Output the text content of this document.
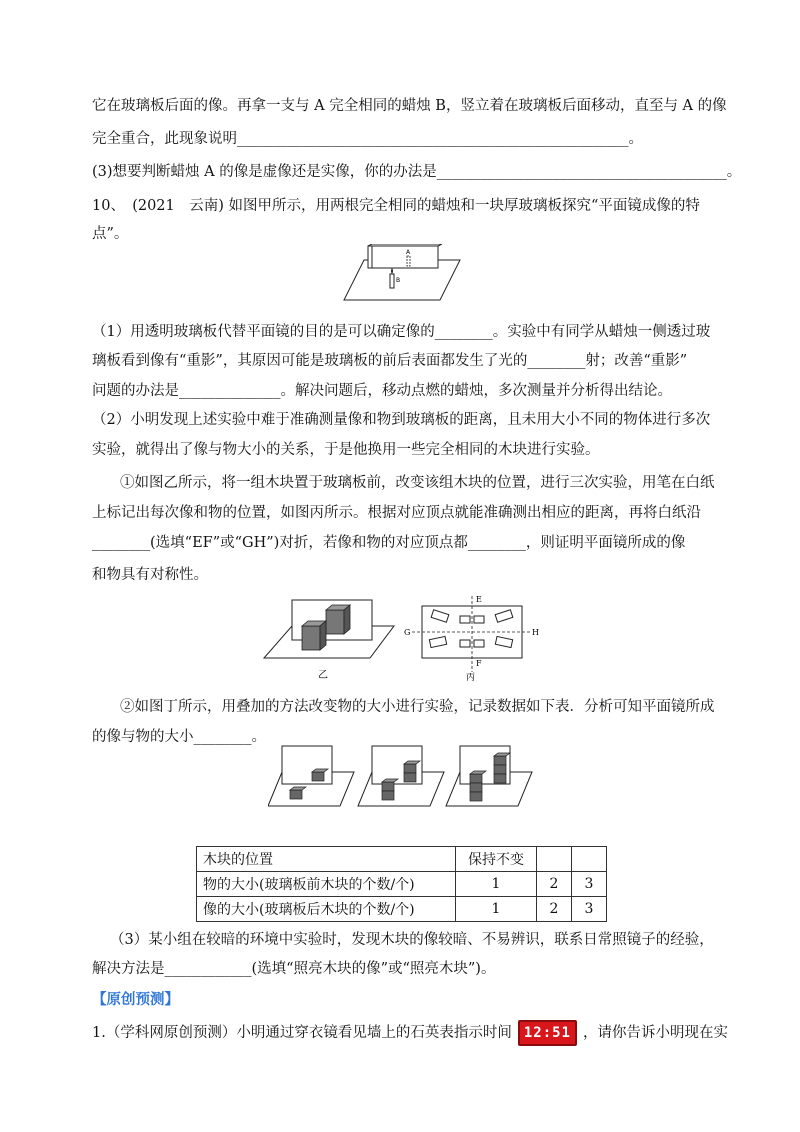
它在玻璃板后面的像。再拿一支与 A 完全相同的蜡烛 B，竖立着在玻璃板后面移动，直至与 A 的像
完全重合，此现象说明______________________________________________________。
(3)想要判断蜡烛 A 的像是虚像还是实像，你的办法是________________________________________。
10、　(2021　云南) 如图甲所示，用两根完全相同的蜡烛和一块厚玻璃板探究“平面镜成像的特
点”。
A
B
（1）用透明玻璃板代替平面镜的目的是可以确定像的________。实验中有同学从蜡烛一侧透过玻
璃板看到像有“重影”，其原因可能是玻璃板的前后表面都发生了光的________射；改善“重影”
问题的办法是______________。解决问题后，移动点燃的蜡烛，多次测量并分析得出结论。
（2）小明发现上述实验中难于准确测量像和物到玻璃板的距离，且未用大小不同的物体进行多次
实验，就得出了像与物大小的关系，于是他换用一些完全相同的木块进行实验。
①如图乙所示，将一组木块置于玻璃板前，改变该组木块的位置，进行三次实验，用笔在白纸
上标记出每次像和物的位置，如图丙所示。根据对应顶点就能准确测出相应的距离，再将白纸沿
________(选填“EF”或“GH”)对折，若像和物的对应顶点都________，则证明平面镜所成的像
和物具有对称性。
乙
E
F
G	H
丙
②如图丁所示，用叠加的方法改变物的大小进行实验，记录数据如下表．分析可知平面镜所成
的像与物的大小________。
木块的位置	保持不变		
物的大小(玻璃板前木块的个数/个)	1	2	3
像的大小(玻璃板后木块的个数/个)	1	2	3
（3）某小组在较暗的环境中实验时，发现木块的像较暗、不易辨识，联系日常照镜子的经验，
解决方法是____________(选填“照亮木块的像”或“照亮木块”)。
【原创预测】
1.（学科网原创预测）小明通过穿衣镜看见墙上的石英表指示时间 12:51 ，请你告诉小明现在实
